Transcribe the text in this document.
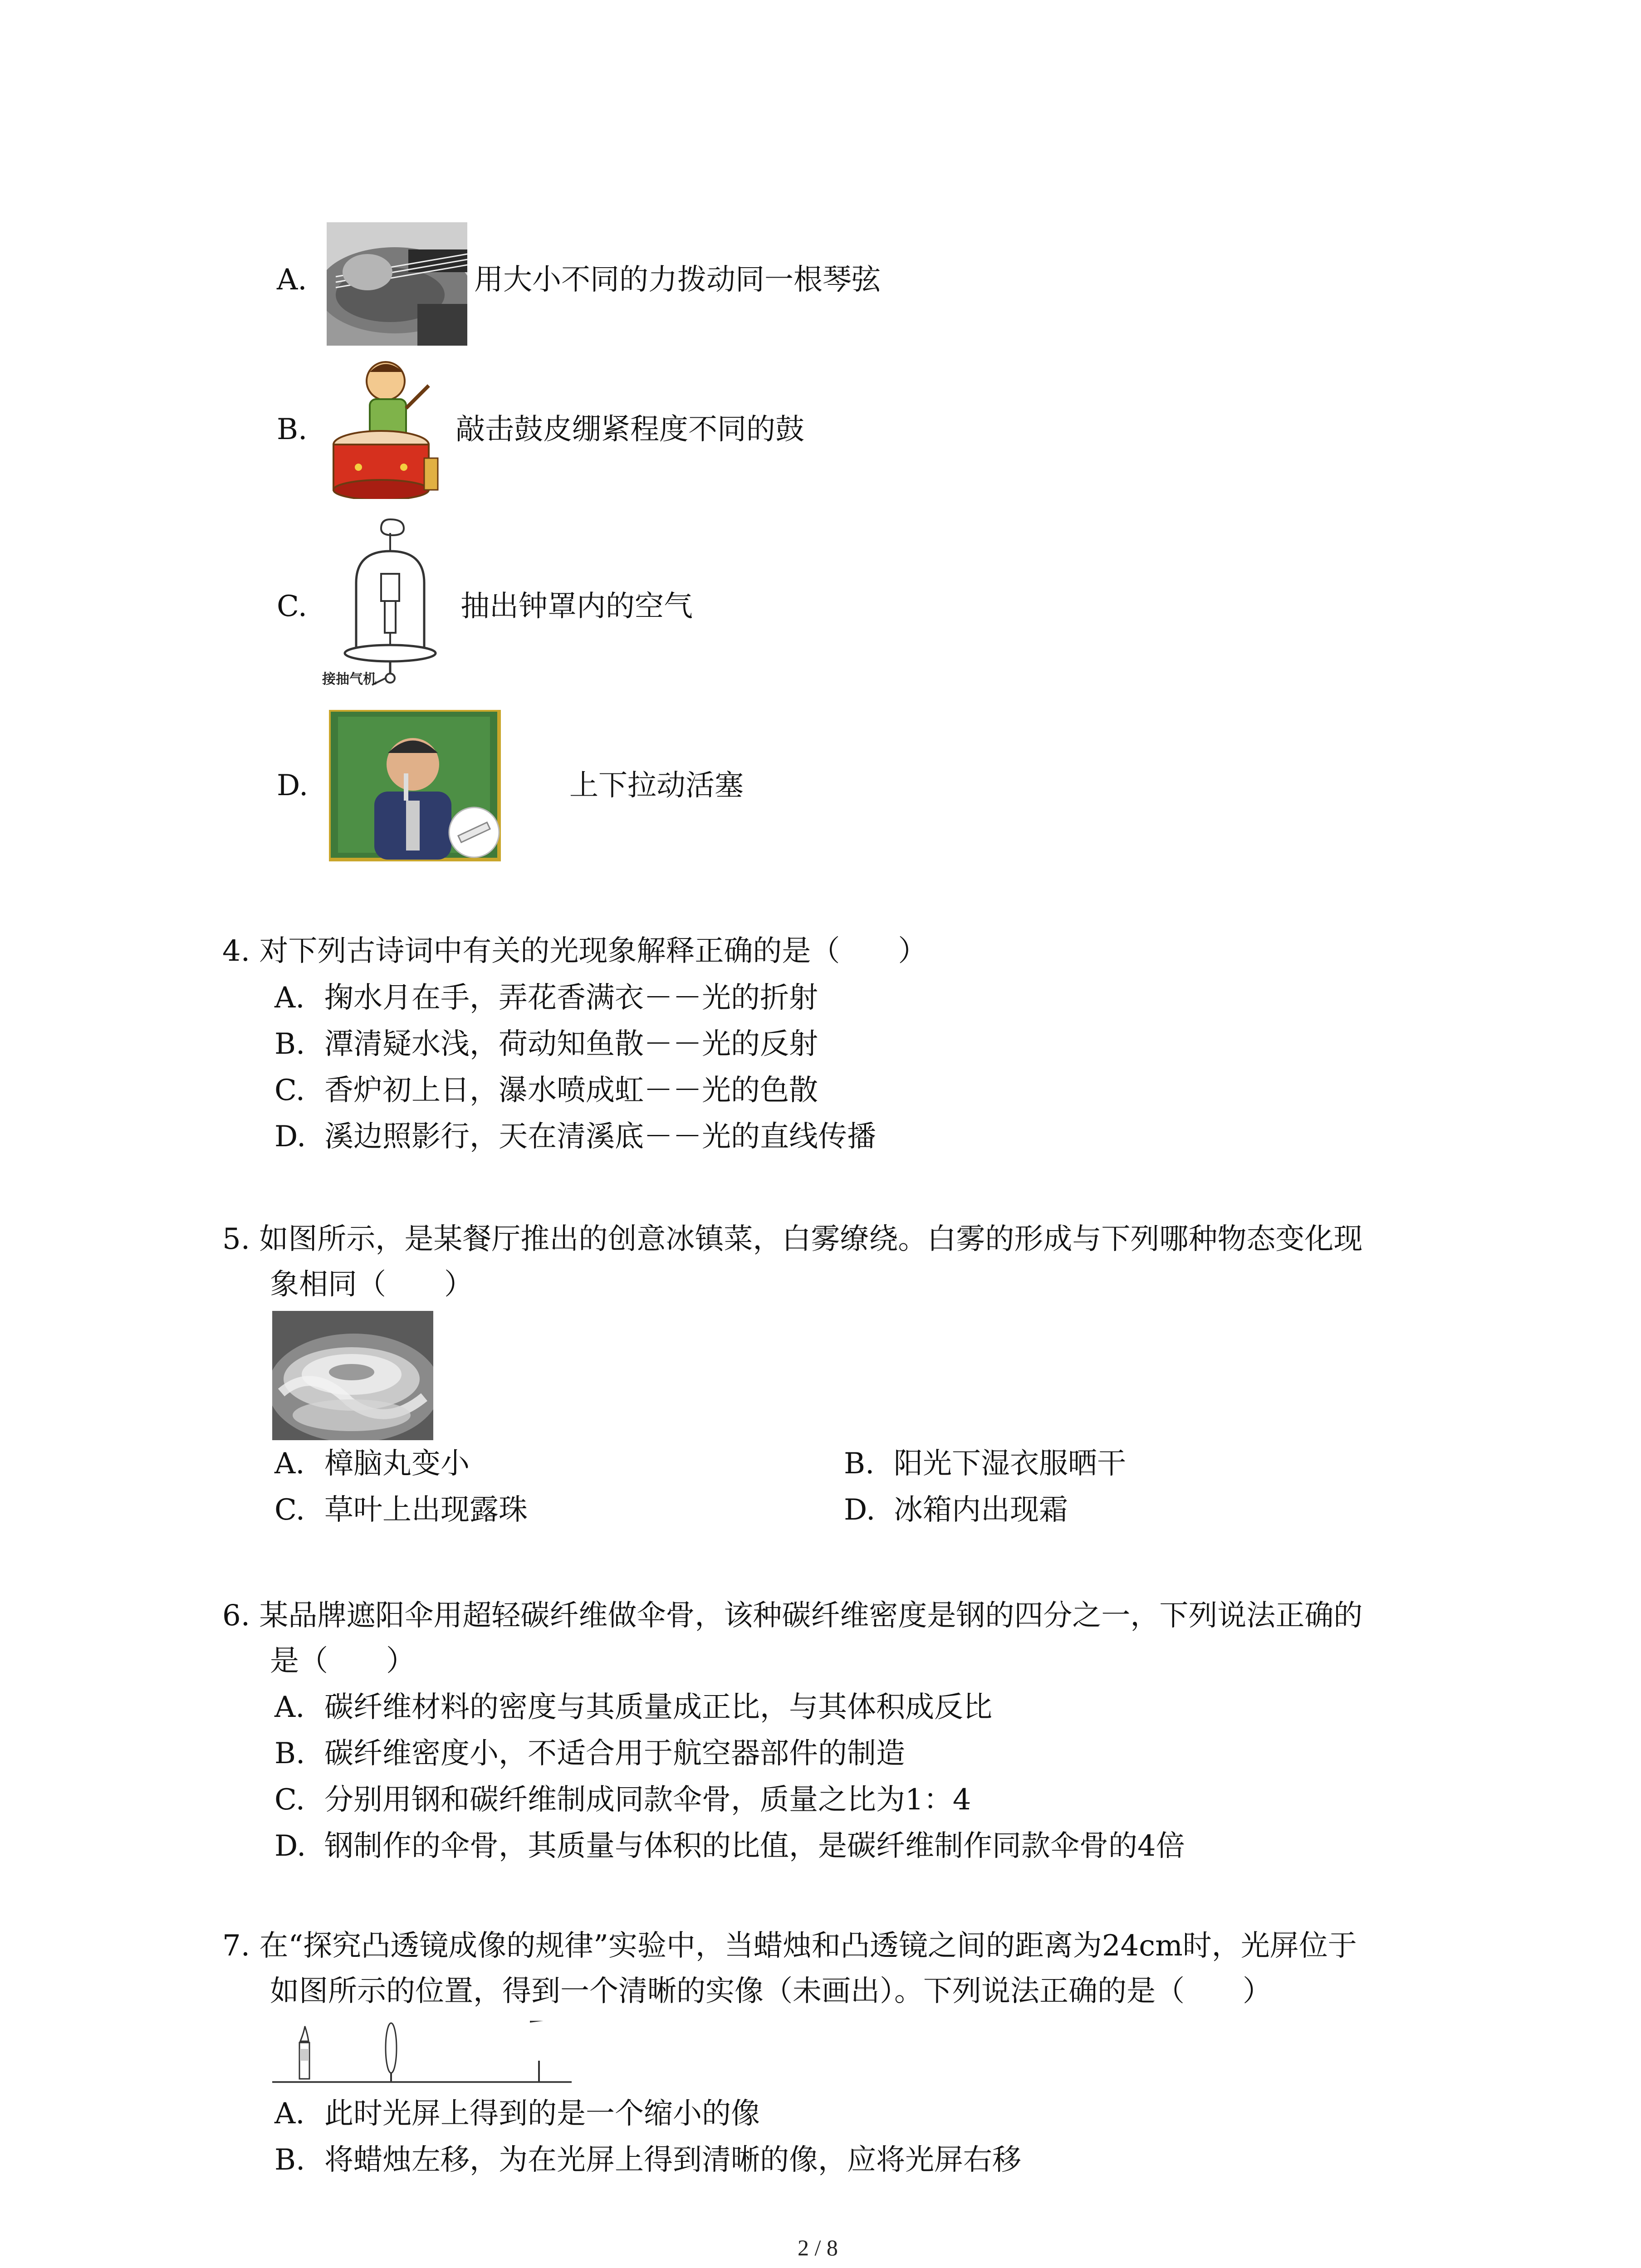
A.	用大小不同的力拨动同一根琴弦
B.	敲击鼓皮绷紧程度不同的鼓
C.
接抽气机
抽出钟罩内的空气
D.	上下拉动活塞
4. 对下列古诗词中有关的光现象解释正确的是（　　）
A. 掬水月在手，弄花香满衣－－光的折射
B. 潭清疑水浅，荷动知鱼散－－光的反射
C. 香炉初上日，瀑水喷成虹－－光的色散
D. 溪边照影行，天在清溪底－－光的直线传播
5. 如图所示，是某餐厅推出的创意冰镇菜，白雾缭绕。白雾的形成与下列哪种物态变化现
象相同（　　）
A. 樟脑丸变小	B. 阳光下湿衣服晒干
C. 草叶上出现露珠	D. 冰箱内出现霜
6. 某品牌遮阳伞用超轻碳纤维做伞骨，该种碳纤维密度是钢的四分之一，下列说法正确的
是（　　）
A. 碳纤维材料的密度与其质量成正比，与其体积成反比
B. 碳纤维密度小，不适合用于航空器部件的制造
C. 分别用钢和碳纤维制成同款伞骨，质量之比为1：4
D. 钢制作的伞骨，其质量与体积的比值，是碳纤维制作同款伞骨的4倍
7. 在“探究凸透镜成像的规律”实验中，当蜡烛和凸透镜之间的距离为24cm时，光屏位于
如图所示的位置，得到一个清晰的实像（未画出）。下列说法正确的是（　　）
A. 此时光屏上得到的是一个缩小的像
B. 将蜡烛左移，为在光屏上得到清晰的像，应将光屏右移
2 / 8
